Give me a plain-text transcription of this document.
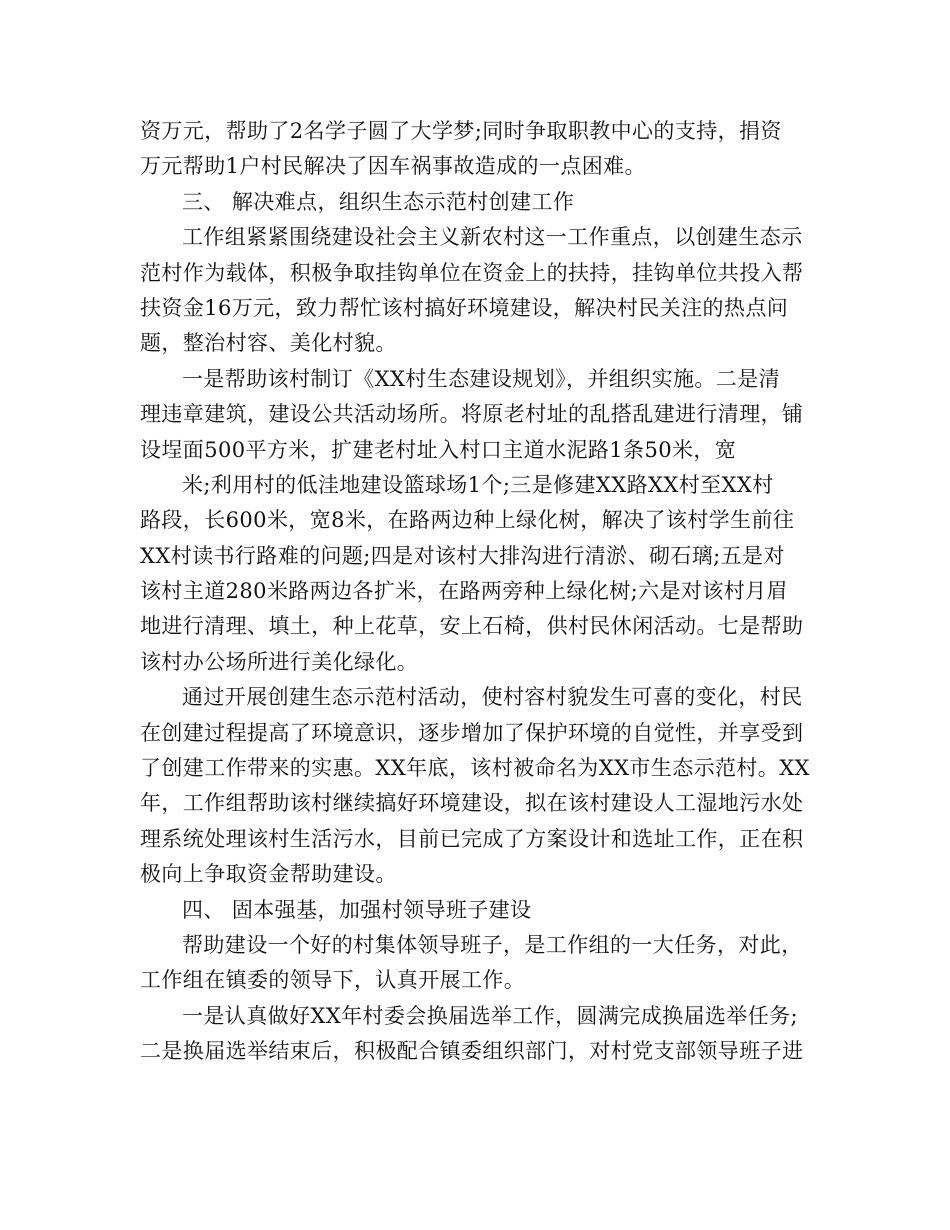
资万元，帮助了2名学子圆了大学梦;同时争取职教中心的支持，捐资
万元帮助1户村民解决了因车祸事故造成的一点困难。
三、 解决难点，组织生态示范村创建工作
工作组紧紧围绕建设社会主义新农村这一工作重点，以创建生态示
范村作为载体，积极争取挂钩单位在资金上的扶持，挂钩单位共投入帮
扶资金16万元，致力帮忙该村搞好环境建设，解决村民关注的热点问
题，整治村容、美化村貌。
一是帮助该村制订《XX村生态建设规划》，并组织实施。二是清
理违章建筑，建设公共活动场所。将原老村址的乱搭乱建进行清理，铺
设埕面500平方米，扩建老村址入村口主道水泥路1条50米，宽
米;利用村的低洼地建设篮球场1个;三是修建XX路XX村至XX村
路段，长600米，宽8米，在路两边种上绿化树，解决了该村学生前往
XX村读书行路难的问题;四是对该村大排沟进行清淤、砌石璃;五是对
该村主道280米路两边各扩米，在路两旁种上绿化树;六是对该村月眉
地进行清理、填土，种上花草，安上石椅，供村民休闲活动。七是帮助
该村办公场所进行美化绿化。
通过开展创建生态示范村活动，使村容村貌发生可喜的变化，村民
在创建过程提高了环境意识，逐步增加了保护环境的自觉性，并享受到
了创建工作带来的实惠。XX年底，该村被命名为XX市生态示范村。XX
年，工作组帮助该村继续搞好环境建设，拟在该村建设人工湿地污水处
理系统处理该村生活污水，目前已完成了方案设计和选址工作，正在积
极向上争取资金帮助建设。
四、 固本强基，加强村领导班子建设
帮助建设一个好的村集体领导班子，是工作组的一大任务，对此，
工作组在镇委的领导下，认真开展工作。
一是认真做好XX年村委会换届选举工作，圆满完成换届选举任务;
二是换届选举结束后，积极配合镇委组织部门，对村党支部领导班子进
